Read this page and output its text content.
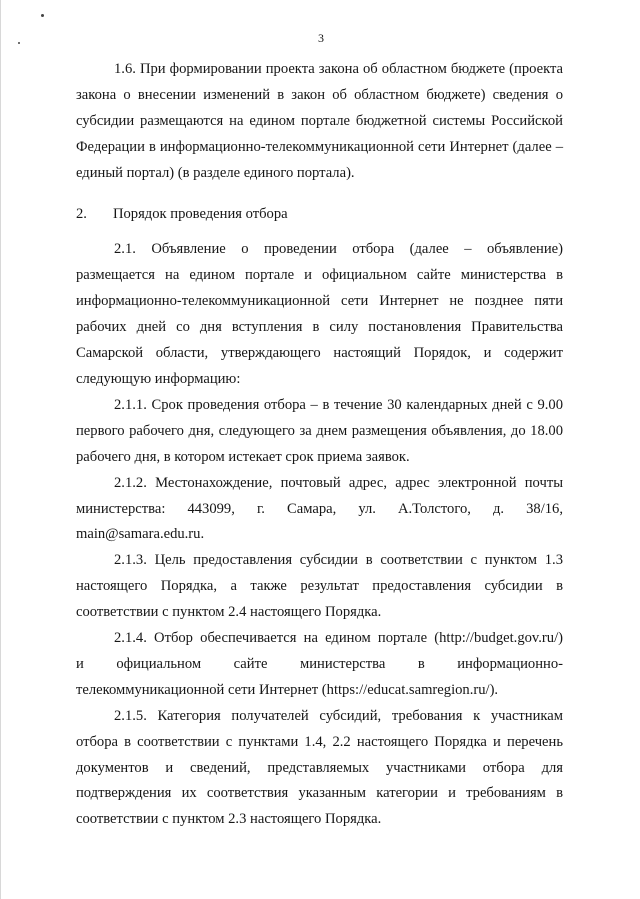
3

1.6. При формировании проекта закона об областном бюджете (проекта закона о внесении изменений в закон об областном бюджете) сведения о субсидии размещаются на едином портале бюджетной системы Российской Федерации в информационно-телекоммуникационной сети Интернет (далее – единый портал) (в разделе единого портала).

2. Порядок проведения отбора

2.1. Объявление о проведении отбора (далее – объявление) размещается на едином портале и официальном сайте министерства в информационно-телекоммуникационной сети Интернет не позднее пяти рабочих дней со дня вступления в силу постановления Правительства Самарской области, утверждающего настоящий Порядок, и содержит следующую информацию:

2.1.1. Срок проведения отбора – в течение 30 календарных дней с 9.00 первого рабочего дня, следующего за днем размещения объявления, до 18.00 рабочего дня, в котором истекает срок приема заявок.

2.1.2. Местонахождение, почтовый адрес, адрес электронной почты

министерства: 443099, г. Самара, ул. А.Толстого, д. 38/16,

main@samara.edu.ru.

2.1.3. Цель предоставления субсидии в соответствии с пунктом 1.3 настоящего Порядка, а также результат предоставления субсидии в соответствии с пунктом 2.4 настоящего Порядка.

2.1.4. Отбор обеспечивается на едином портале (http://budget.gov.ru/)

и официальном сайте министерства в информационно-

телекоммуникационной сети Интернет (https://educat.samregion.ru/).

2.1.5. Категория получателей субсидий, требования к участникам отбора в соответствии с пунктами 1.4, 2.2 настоящего Порядка и перечень документов и сведений, представляемых участниками отбора для подтверждения их соответствия указанным категории и требованиям в соответствии с пунктом 2.3 настоящего Порядка.
